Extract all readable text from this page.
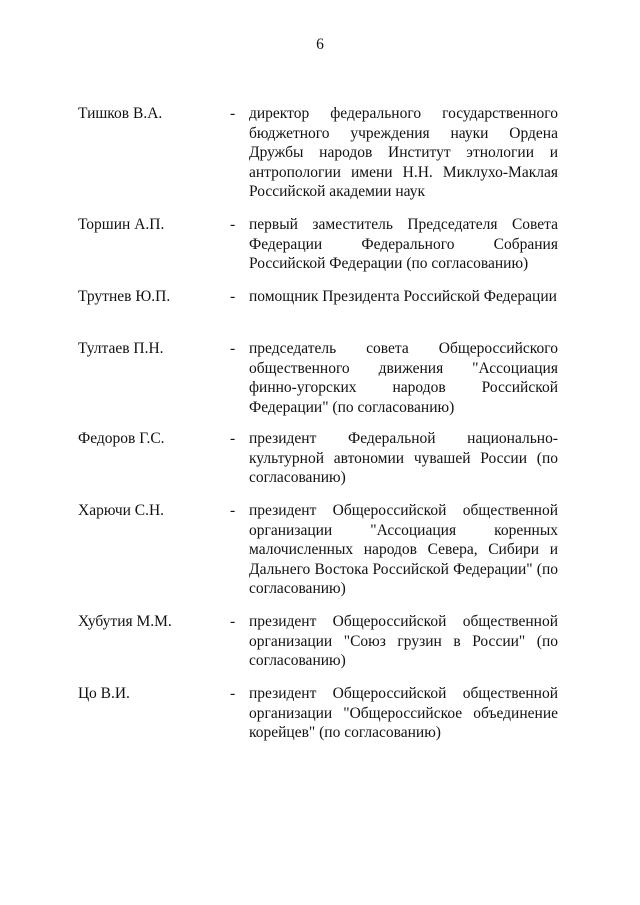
6
Тишков В.А.	- директор федерального государственного бюджетного учреждения науки Ордена Дружбы народов Институт этнологии и антропологии имени Н.Н. Миклухо-Маклая Российской академии наук
Торшин А.П.	- первый заместитель Председателя Совета Федерации Федерального Собрания Российской Федерации (по согласованию)
Трутнев Ю.П.	- помощник Президента Российской Федерации
Тултаев П.Н.	- председатель совета Общероссийского общественного движения "Ассоциация финно-угорских народов Российской Федерации" (по согласованию)
Федоров Г.С.	- президент Федеральной национально-культурной автономии чувашей России (по согласованию)
Харючи С.Н.	- президент Общероссийской общественной организации "Ассоциация коренных малочисленных народов Севера, Сибири и Дальнего Востока Российской Федерации" (по согласованию)
Хубутия М.М.	- президент Общероссийской общественной организации "Союз грузин в России" (по согласованию)
Цо В.И.	- президент Общероссийской общественной организации "Общероссийское объединение корейцев" (по согласованию)
